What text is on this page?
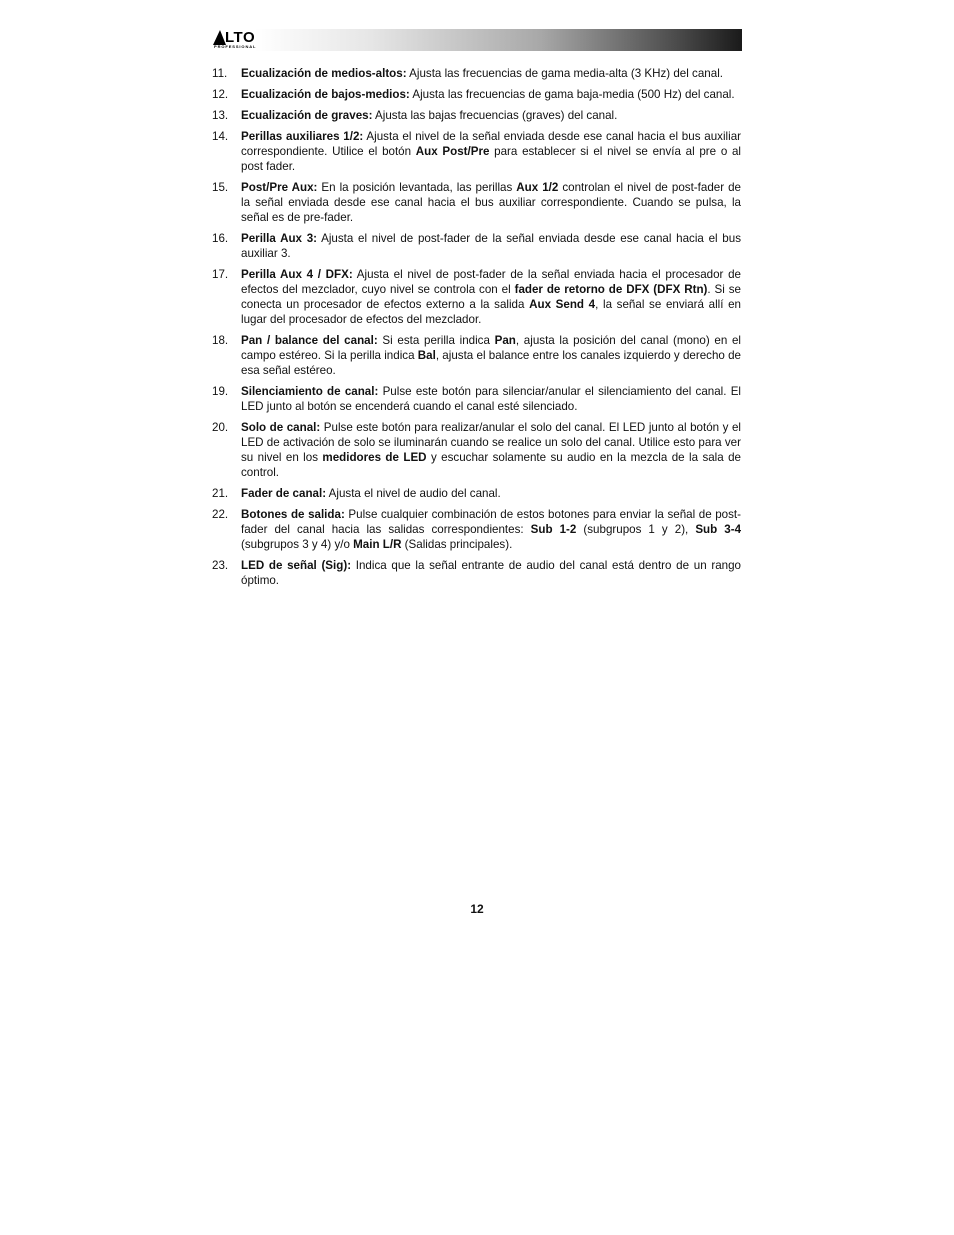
LTO
PROFESSIONAL
11.	Ecualización de medios-altos: Ajusta las frecuencias de gama media-alta (3 KHz) del canal.
12.	Ecualización de bajos-medios: Ajusta las frecuencias de gama baja-media (500 Hz) del canal.
13.	Ecualización de graves: Ajusta las bajas frecuencias (graves) del canal.
14.	Perillas auxiliares 1/2: Ajusta el nivel de la señal enviada desde ese canal hacia el bus auxiliar correspondiente. Utilice el botón Aux Post/Pre para establecer si el nivel se envía al pre o al post fader.
15.	Post/Pre Aux: En la posición levantada, las perillas Aux 1/2 controlan el nivel de post-fader de la señal enviada desde ese canal hacia el bus auxiliar correspondiente. Cuando se pulsa, la señal es de pre-fader.
16.	Perilla Aux 3: Ajusta el nivel de post-fader de la señal enviada desde ese canal hacia el bus auxiliar 3.
17.	Perilla Aux 4 / DFX: Ajusta el nivel de post-fader de la señal enviada hacia el procesador de efectos del mezclador, cuyo nivel se controla con el fader de retorno de DFX (DFX Rtn). Si se conecta un procesador de efectos externo a la salida Aux Send 4, la señal se enviará allí en lugar del procesador de efectos del mezclador.
18.	Pan / balance del canal: Si esta perilla indica Pan, ajusta la posición del canal (mono) en el campo estéreo. Si la perilla indica Bal, ajusta el balance entre los canales izquierdo y derecho de esa señal estéreo.
19.	Silenciamiento de canal: Pulse este botón para silenciar/anular el silenciamiento del canal. El LED junto al botón se encenderá cuando el canal esté silenciado.
20.	Solo de canal: Pulse este botón para realizar/anular el solo del canal. El LED junto al botón y el LED de activación de solo se iluminarán cuando se realice un solo del canal. Utilice esto para ver su nivel en los medidores de LED y escuchar solamente su audio en la mezcla de la sala de control.
21.	Fader de canal: Ajusta el nivel de audio del canal.
22.	Botones de salida: Pulse cualquier combinación de estos botones para enviar la señal de post-fader del canal hacia las salidas correspondientes: Sub 1-2 (subgrupos 1 y 2), Sub 3-4 (subgrupos 3 y 4) y/o Main L/R (Salidas principales).
23.	LED de señal (Sig): Indica que la señal entrante de audio del canal está dentro de un rango óptimo.
12
